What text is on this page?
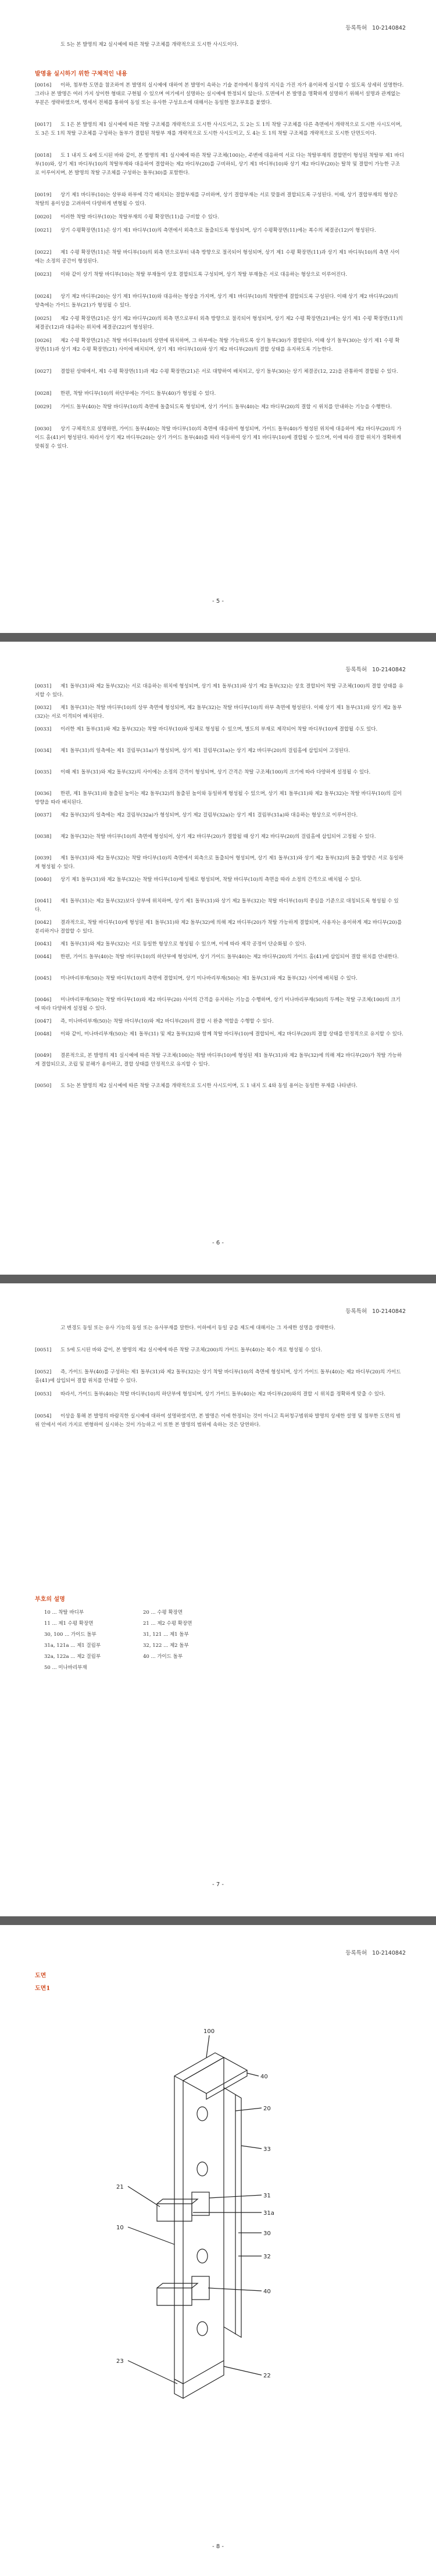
등록특허 10-2140842
도 5는 본 발명의 제2 실시예에 따른 착탈 구조체를 개략적으로 도시한 사시도이다.
발명을 실시하기 위한 구체적인 내용
- 5 -
[0016] 이하, 첨부한 도면을 참조하여 본 발명의 실시예에 대하여 본 발명이 속하는 기술 분야에서 통상의 지식을 가진 자가 용이하게 실시할 수 있도록 상세히 설명한다. 그러나 본 발명은 여러 가지 상이한 형태로 구현될 수 있으며 여기에서 설명하는 실시예에 한정되지 않는다. 도면에서 본 발명을 명확하게 설명하기 위해서 설명과 관계없는 부분은 생략하였으며, 명세서 전체를 통하여 동일 또는 유사한 구성요소에 대해서는 동일한 참조부호를 붙였다.
[0017] 도 1은 본 발명의 제1 실시예에 따른 착탈 구조체를 개략적으로 도시한 사시도이고, 도 2는 도 1의 착탈 구조체를 다른 측면에서 개략적으로 도시한 사시도이며, 도 3은 도 1의 착탈 구조체를 구성하는 돌부가 결합된 착탈부 재를 개략적으로 도시한 사시도이고, 도 4는 도 1의 착탈 구조체를 개략적으로 도시한 단면도이다.
[0018] 도 1 내지 도 4에 도시된 바와 같이, 본 발명의 제1 실시예에 따른 착탈 구조체(100)는, 주변에 대응하여 서로 다는 착탈부재의 결합면이 형성된 착탈부 제1 바디부(10)와, 상기 제1 바디부(10)의 착탈부재와 대응하여 결합하는 제2 바디부(20)를 구비하되, 상기 제1 바디부(10)와 상기 제2 바디부(20)는 탈착 및 결합이 가능한 구조로 이루어지며, 본 발명의 착탈 구조체를 구성하는 돌부(30)를 포함한다.
[0019] 상기 제1 바디부(10)는 상부와 하부에 각각 배치되는 결합부재를 구비하며, 상기 결합부재는 서로 맞물려 결합되도록 구성된다. 이때, 상기 결합부재의 형상은 착탈의 용이성을 고려하여 다양하게 변형될 수 있다.
[0020] 이러한 착탈 바디부(10)는 착탈부재의 수평 확장면(11)을 구비할 수 있다.
[0021] 상기 수평확장면(11)은 상기 제1 바디부(10)의 측면에서 외측으로 돌출되도록 형성되며, 상기 수평확장면(11)에는 복수의 체결공(12)이 형성된다.
[0022] 제1 수평 확장면(11)은 착탈 바디부(10)의 외측 면으로부터 내측 방향으로 절곡되어 형성되며, 상기 제1 수평 확장면(11)과 상기 제1 바디부(10)의 측면 사이에는 소정의 공간이 형성된다.
[0023] 이와 같이 상기 착탈 바디부(10)는 착탈 부재들이 상호 결합되도록 구성되며, 상기 착탈 부재들은 서로 대응하는 형상으로 이루어진다.
[0024] 상기 제2 바디부(20)는 상기 제1 바디부(10)와 대응하는 형상을 가지며, 상기 제1 바디부(10)의 착탈면에 결합되도록 구성된다. 이때 상기 제2 바디부(20)의 양측에는 가이드 돌부(21)가 형성될 수 있다.
[0025] 제2 수평 확장면(21)은 상기 제2 바디부(20)의 외측 면으로부터 외측 방향으로 절곡되어 형성되며, 상기 제2 수평 확장면(21)에는 상기 제1 수평 확장면(11)의 체결공(12)과 대응하는 위치에 체결공(22)이 형성된다.
[0026] 제2 수평 확장면(21)은 착탈 바디부(10)의 상면에 위치하며, 그 하부에는 착탈 가능하도록 상기 돌부(30)가 결합된다. 이때 상기 돌부(30)는 상기 제1 수평 확장면(11)과 상기 제2 수평 확장면(21) 사이에 배치되며, 상기 제1 바디부(10)와 상기 제2 바디부(20)의 결합 상태를 유지하도록 기능한다.
[0027] 결합된 상태에서, 제1 수평 확장면(11)과 제2 수평 확장면(21)은 서로 대향하여 배치되고, 상기 돌부(30)는 상기 체결공(12, 22)을 관통하여 결합될 수 있다.
[0028] 한편, 착탈 바디부(10)의 하단부에는 가이드 돌부(40)가 형성될 수 있다.
[0029] 가이드 돌부(40)는 착탈 바디부(10)의 측면에 돌출되도록 형성되며, 상기 가이드 돌부(40)는 제2 바디부(20)의 결합 시 위치를 안내하는 기능을 수행한다.
[0030] 상기 구체적으로 설명하면, 가이드 돌부(40)는 착탈 바디부(10)의 측면에 대응하여 형성되며, 가이드 돌부(40)가 형성된 위치에 대응하여 제2 바디부(20)의 가이드 홈(41)이 형성된다. 따라서 상기 제2 바디부(20)는 상기 가이드 돌부(40)를 따라 이동하여 상기 제1 바디부(10)에 결합될 수 있으며, 이에 따라 결합 위치가 정확하게 맞춰질 수 있다.
등록특허 10-2140842
- 6 -
[0031] 제1 돌부(31)와 제2 돌부(32)는 서로 대응하는 위치에 형성되며, 상기 제1 돌부(31)와 상기 제2 돌부(32)는 상호 결합되어 착탈 구조체(100)의 결합 상태를 유지할 수 있다.
[0032] 제1 돌부(31)는 착탈 바디부(10)의 상부 측면에 형성되며, 제2 돌부(32)는 착탈 바디부(10)의 하부 측면에 형성된다. 이때 상기 제1 돌부(31)와 상기 제2 돌부(32)는 서로 이격되어 배치된다.
[0033] 이러한 제1 돌부(31)와 제2 돌부(32)는 착탈 바디부(10)와 일체로 형성될 수 있으며, 별도의 부재로 제작되어 착탈 바디부(10)에 결합될 수도 있다.
[0034] 제1 돌부(31)의 일측에는 제1 걸림부(31a)가 형성되며, 상기 제1 걸림부(31a)는 상기 제2 바디부(20)의 걸림홈에 삽입되어 고정된다.
[0035] 이때 제1 돌부(31)와 제2 돌부(32)의 사이에는 소정의 간격이 형성되며, 상기 간격은 착탈 구조체(100)의 크기에 따라 다양하게 설정될 수 있다.
[0036] 한편, 제1 돌부(31)와 돌출된 높이는 제2 돌부(32)의 돌출된 높이와 동일하게 형성될 수 있으며, 상기 제1 돌부(31)와 제2 돌부(32)는 착탈 바디부(10)의 길이 방향을 따라 배치된다.
[0037] 제2 돌부(32)의 일측에는 제2 걸림부(32a)가 형성되며, 상기 제2 걸림부(32a)는 상기 제1 걸림부(31a)와 대응하는 형상으로 이루어진다.
[0038] 제2 돌부(32)는 착탈 바디부(10)의 측면에 형성되어, 상기 제2 바디부(20)가 결합될 때 상기 제2 바디부(20)의 걸림홈에 삽입되어 고정될 수 있다.
[0039] 제1 돌부(31)와 제2 돌부(32)는 착탈 바디부(10)의 측면에서 외측으로 돌출되어 형성되며, 상기 제1 돌부(31)와 상기 제2 돌부(32)의 돌출 방향은 서로 동일하게 형성될 수 있다.
[0040] 상기 제1 돌부(31)와 제2 돌부(32)는 착탈 바디부(10)에 일체로 형성되며, 착탈 바디부(10)의 측면을 따라 소정의 간격으로 배치될 수 있다.
[0041] 제1 돌부(31)는 제2 돌부(32)보다 상부에 위치하며, 상기 제1 돌부(31)와 상기 제2 돌부(32)는 착탈 바디부(10)의 중심을 기준으로 대칭되도록 형성될 수 있다.
[0042] 결과적으로, 착탈 바디부(10)에 형성된 제1 돌부(31)와 제2 돌부(32)에 의해 제2 바디부(20)가 착탈 가능하게 결합되며, 사용자는 용이하게 제2 바디부(20)를 분리하거나 결합할 수 있다.
[0043] 제1 돌부(31)와 제2 돌부(32)는 서로 동일한 형상으로 형성될 수 있으며, 이에 따라 제작 공정이 단순화될 수 있다.
[0044] 한편, 가이드 돌부(40)는 착탈 바디부(10)의 하단부에 형성되며, 상기 가이드 돌부(40)는 제2 바디부(20)의 가이드 홈(41)에 삽입되어 결합 위치를 안내한다.
[0045] 미나바리부재(50)는 착탈 바디부(10)의 측면에 결합되며, 상기 미나바리부재(50)는 제1 돌부(31)와 제2 돌부(32) 사이에 배치될 수 있다.
[0046] 미나바리부재(50)는 착탈 바디부(10)와 제2 바디부(20) 사이의 간격을 유지하는 기능을 수행하며, 상기 미나바리부재(50)의 두께는 착탈 구조체(100)의 크기에 따라 다양하게 설정될 수 있다.
[0047] 즉, 미나바리부재(50)는 착탈 바디부(10)와 제2 바디부(20)의 결합 시 완충 역할을 수행할 수 있다.
[0048] 이와 같이, 미나바리부재(50)는 제1 돌부(31) 및 제2 돌부(32)와 함께 착탈 바디부(10)에 결합되어, 제2 바디부(20)의 결합 상태를 안정적으로 유지할 수 있다.
[0049] 결론적으로, 본 발명의 제1 실시예에 따른 착탈 구조체(100)는 착탈 바디부(10)에 형성된 제1 돌부(31)와 제2 돌부(32)에 의해 제2 바디부(20)가 착탈 가능하게 결합되므로, 조립 및 분해가 용이하고, 결합 상태를 안정적으로 유지할 수 있다.
[0050] 도 5는 본 발명의 제2 실시예에 따른 착탈 구조체를 개략적으로 도시한 사시도이며, 도 1 내지 도 4와 동일 용어는 동일한 부재를 나타낸다.
등록특허 10-2140842
부호의 설명
- 7 -
고 변경도 동일 또는 유사 기능의 동일 또는 유사부재를 말한다. 이하에서 동일 궁을 제도에 대해서는 그 자세한 설명을 생략한다.
[0051] 도 5에 도시된 바와 같이, 본 발명의 제2 실시예에 따른 착탈 구조체(200)의 가이드 돌부(40)는 복수 개로 형성될 수 있다.
[0052] 즉, 가이드 돌부(40)를 구성하는 제1 돌부(31)와 제2 돌부(32)는 상기 착탈 바디부(10)의 측면에 형성되며, 상기 가이드 돌부(40)는 제2 바디부(20)의 가이드 홈(41)에 삽입되어 결합 위치를 안내할 수 있다.
[0053] 따라서, 가이드 돌부(40)는 착탈 바디부(10)의 하단부에 형성되며, 상기 가이드 돌부(40)는 제2 바디부(20)와의 결합 시 위치를 정확하게 맞출 수 있다.
[0054] 이상을 통해 본 발명의 바람직한 실시예에 대하여 설명하였지만, 본 발명은 이에 한정되는 것이 아니고 특허청구범위와 발명의 상세한 설명 및 첨부한 도면의 범위 안에서 여러 가지로 변형하여 실시하는 것이 가능하고 이 또한 본 발명의 범위에 속하는 것은 당연하다.
10 ... 착탈 바디부	20 ... 수평 확장면
11 ... 제1 수평 확장면	21 ... 제2 수평 확장면
30, 100 ... 가이드 돌부	31, 121 ... 제1 돌부
31a, 121a ... 제1 걸림부	32, 122 ... 제2 돌부
32a, 122a ... 제2 걸림부	40 ... 가이드 돌부
50 ... 미나바리부재
등록특허 10-2140842
도면
도면1
100
40
20
33
31
31a
30
21
10
32
40
23
22
- 8 -
